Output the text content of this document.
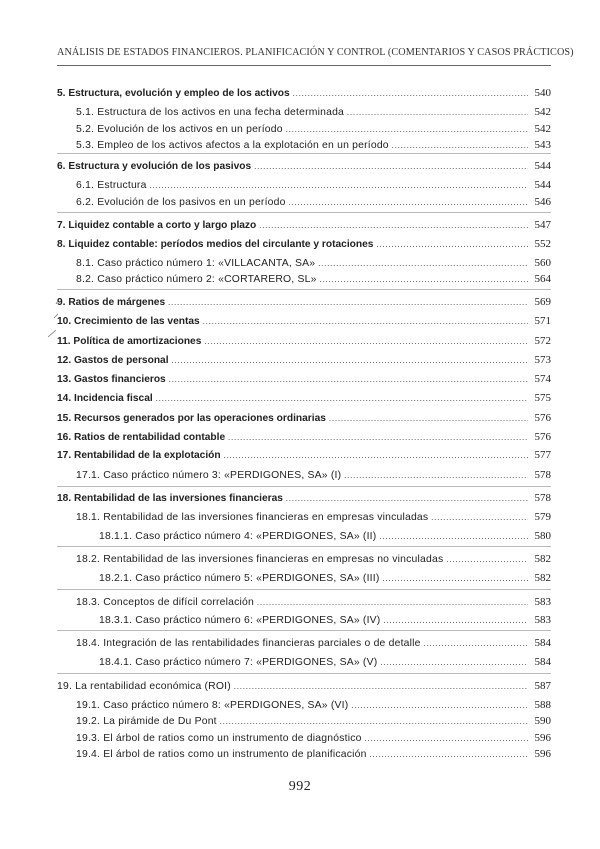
ANÁLISIS DE ESTADOS FINANCIEROS. PLANIFICACIÓN Y CONTROL (COMENTARIOS Y CASOS PRÁCTICOS)
5. Estructura, evolución y empleo de los activos .....	540
5.1. Estructura de los activos en una fecha determinada .....	542
5.2. Evolución de los activos en un período .....	542
5.3. Empleo de los activos afectos a la explotación en un período .....	543
6. Estructura y evolución de los pasivos .....	544
6.1. Estructura .....	544
6.2. Evolución de los pasivos en un período .....	546
7. Liquidez contable a corto y largo plazo .....	547
8. Liquidez contable: períodos medios del circulante y rotaciones .....	552
8.1. Caso práctico número 1: «VILLACANTA, SA» .....	560
8.2. Caso práctico número 2: «CORTARERO, SL» .....	564
9. Ratios de márgenes .....	569
10. Crecimiento de las ventas .....	571
11. Política de amortizaciones .....	572
12. Gastos de personal .....	573
13. Gastos financieros .....	574
14. Incidencia fiscal .....	575
15. Recursos generados por las operaciones ordinarias .....	576
16. Ratios de rentabilidad contable .....	576
17. Rentabilidad de la explotación .....	577
17.1. Caso práctico número 3: «PERDIGONES, SA» (I) .....	578
18. Rentabilidad de las inversiones financieras .....	578
18.1. Rentabilidad de las inversiones financieras en empresas vinculadas .....	579
18.1.1. Caso práctico número 4: «PERDIGONES, SA» (II) .....	580
18.2. Rentabilidad de las inversiones financieras en empresas no vinculadas .....	582
18.2.1. Caso práctico número 5: «PERDIGONES, SA» (III) .....	582
18.3. Conceptos de difícil correlación .....	583
18.3.1. Caso práctico número 6: «PERDIGONES, SA» (IV) .....	583
18.4. Integración de las rentabilidades financieras parciales o de detalle .....	584
18.4.1. Caso práctico número 7: «PERDIGONES, SA» (V) .....	584
19. La rentabilidad económica (ROI) .....	587
19.1. Caso práctico número 8: «PERDIGONES, SA» (VI) .....	588
19.2. La pirámide de Du Pont .....	590
19.3. El árbol de ratios como un instrumento de diagnóstico .....	596
19.4. El árbol de ratios como un instrumento de planificación .....	596
992
